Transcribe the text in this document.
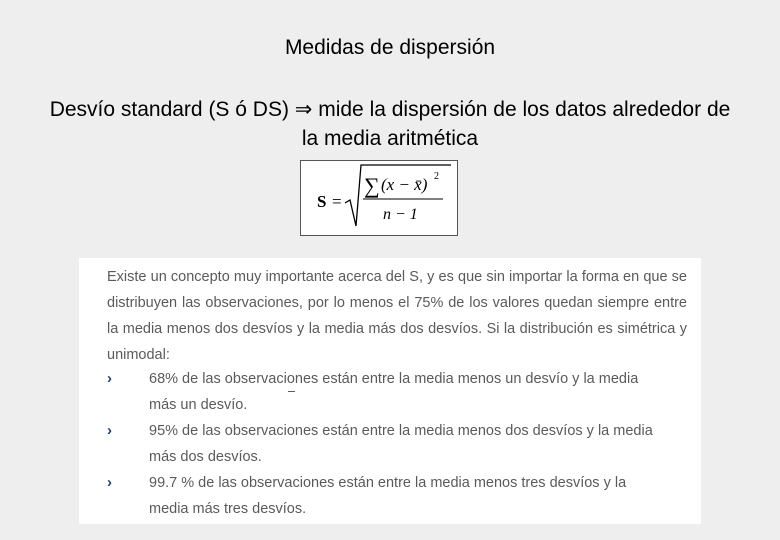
Medidas de dispersión
Desvío standard (S ó DS) ⇒ mide la dispersión de los datos alrededor de la media aritmética
S =
∑ (x − x̄) 2
n − 1
Existe un concepto muy importante acerca del S, y es que sin importar la forma en que se distribuyen las observaciones, por lo menos el 75% de los valores quedan siempre entre la media menos dos desvíos y la media más dos desvíos. Si la distribución es simétrica y unimodal:
›	68% de las observaciones están entre la media menos un desvío y la media más un desvío.
›	95% de las observaciones están entre la media menos dos desvíos y la media más dos desvíos.
›	99.7 % de las observaciones están entre la media menos tres desvíos y la media más tres desvíos.
